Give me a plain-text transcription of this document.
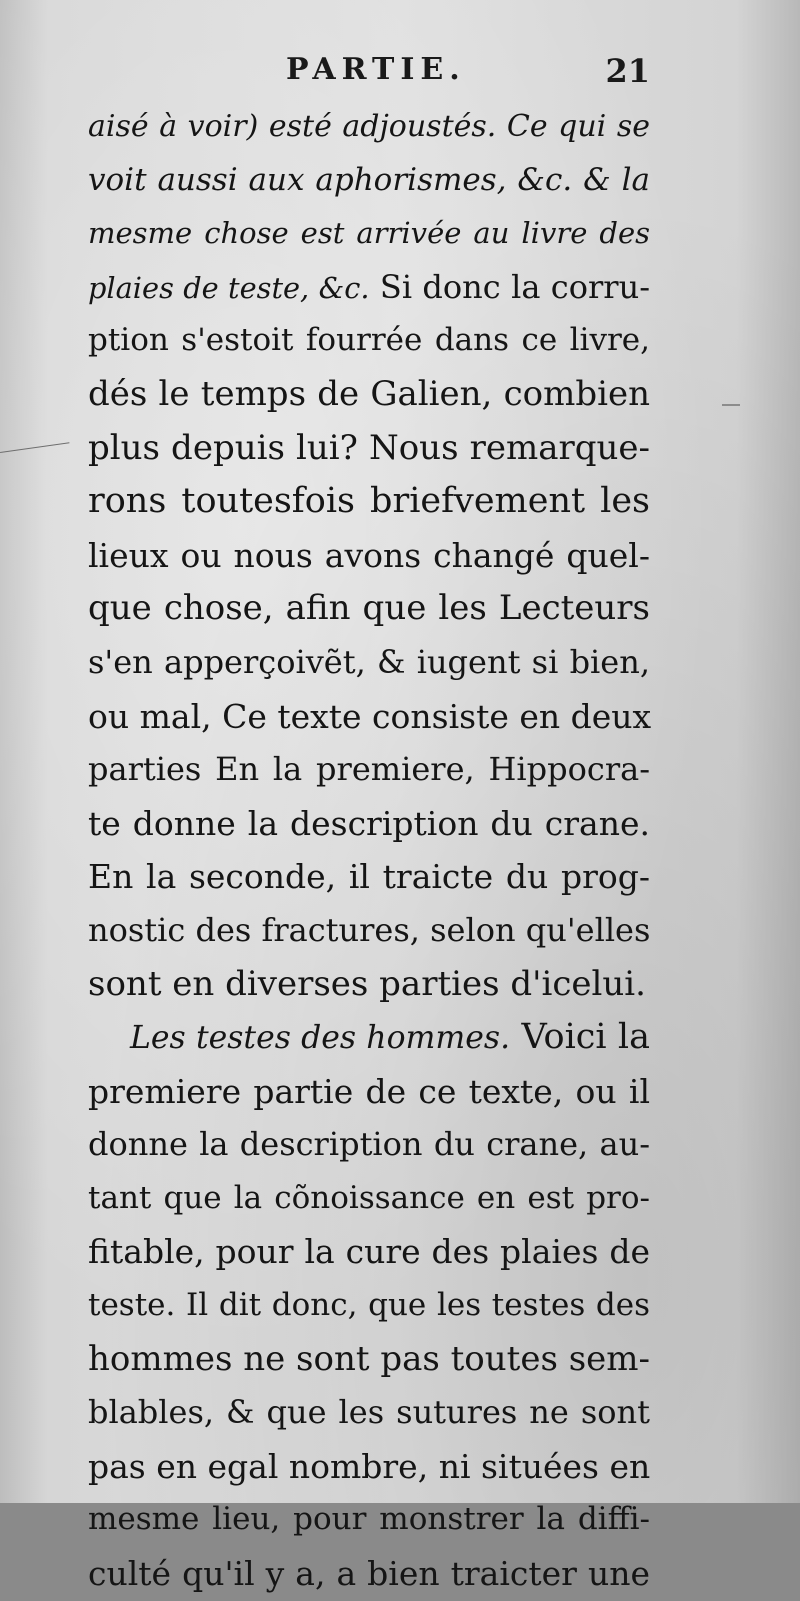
PARTIE.	21
aisé à voir) esté adjoustés. Ce qui se
voit aussi aux aphorismes, &c. & la
mesme chose est arrivée au livre des
plaies de teste, &c. Si donc la corru-
ption s'estoit fourrée dans ce livre,
dés le temps de Galien, combien
plus depuis lui? Nous remarque-
rons toutesfois briefvement les
lieux ou nous avons changé quel-
que chose, afin que les Lecteurs
s'en apperçoivẽt, & iugent si bien,
ou mal, Ce texte consiste en deux
parties En la premiere, Hippocra-
te donne la description du crane.
En la seconde, il traicte du prog-
nostic des fractures, selon qu'elles
sont en diverses parties d'icelui.
Les testes des hommes. Voici la
premiere partie de ce texte, ou il
donne la description du crane, au-
tant que la cõnoissance en est pro-
fitable, pour la cure des plaies de
teste. Il dit donc, que les testes des
hommes ne sont pas toutes sem-
blables, & que les sutures ne sont
pas en egal nombre, ni situées en
mesme lieu, pour monstrer la diffi-
culté qu'il y a, a bien traicter une
